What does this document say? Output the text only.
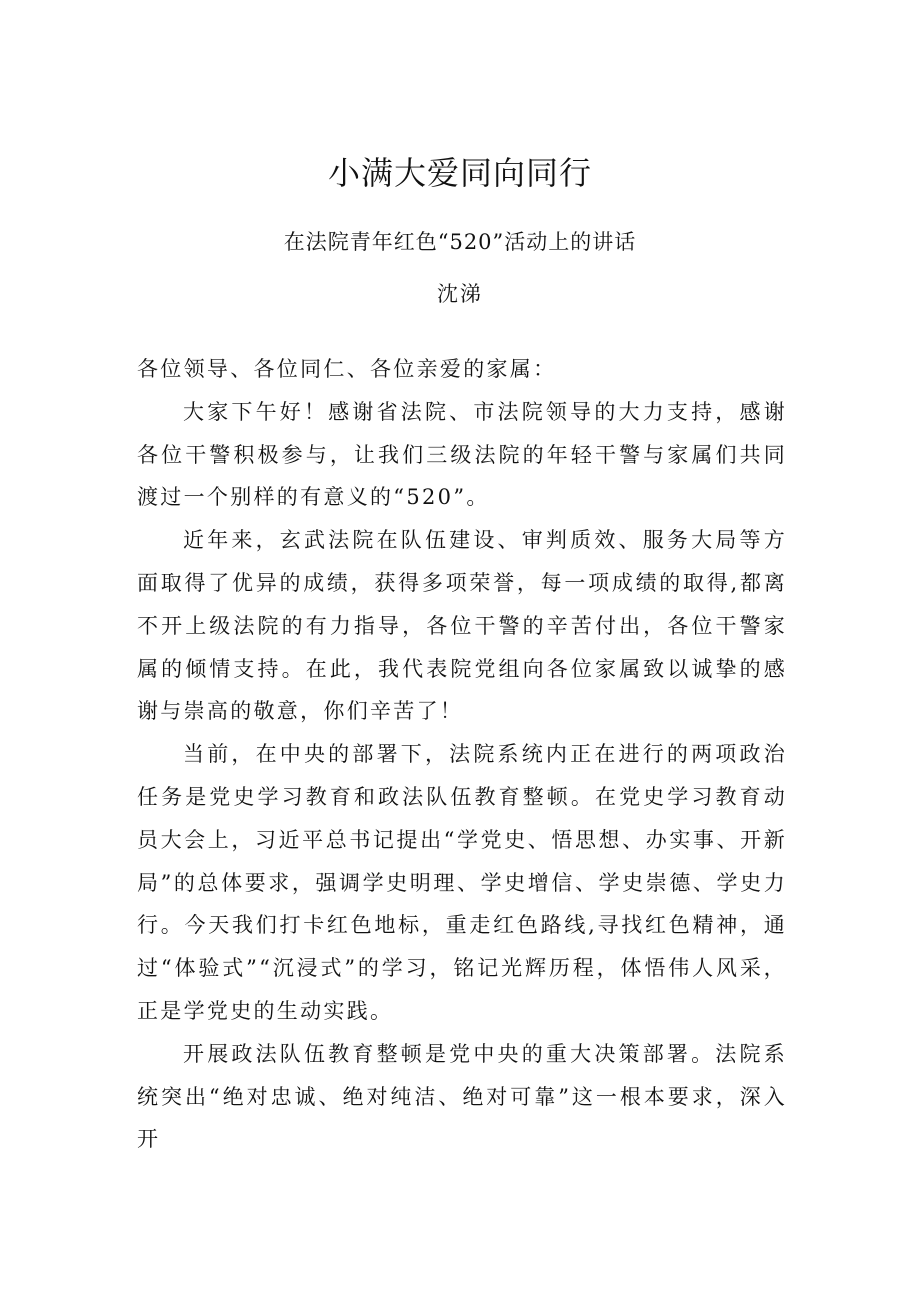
小满大爱同向同行
在法院青年红色“520”活动上的讲话
沈涕

各位领导、各位同仁、各位亲爱的家属：

大家下午好！感谢省法院、市法院领导的大力支持，感谢各位干警积极参与，让我们三级法院的年轻干警与家属们共同渡过一个别样的有意义的“520”。

近年来，玄武法院在队伍建设、审判质效、服务大局等方面取得了优异的成绩，获得多项荣誉，每一项成绩的取得,都离不开上级法院的有力指导，各位干警的辛苦付出，各位干警家属的倾情支持。在此，我代表院党组向各位家属致以诚挚的感谢与崇高的敬意，你们辛苦了！

当前，在中央的部署下，法院系统内正在进行的两项政治任务是党史学习教育和政法队伍教育整顿。在党史学习教育动员大会上，习近平总书记提出“学党史、悟思想、办实事、开新局”的总体要求，强调学史明理、学史增信、学史崇德、学史力行。今天我们打卡红色地标，重走红色路线,寻找红色精神，通过“体验式”“沉浸式”的学习，铭记光辉历程，体悟伟人风采，正是学党史的生动实践。

开展政法队伍教育整顿是党中央的重大决策部署。法院系统突出“绝对忠诚、绝对纯洁、绝对可靠”这一根本要求，深入开
